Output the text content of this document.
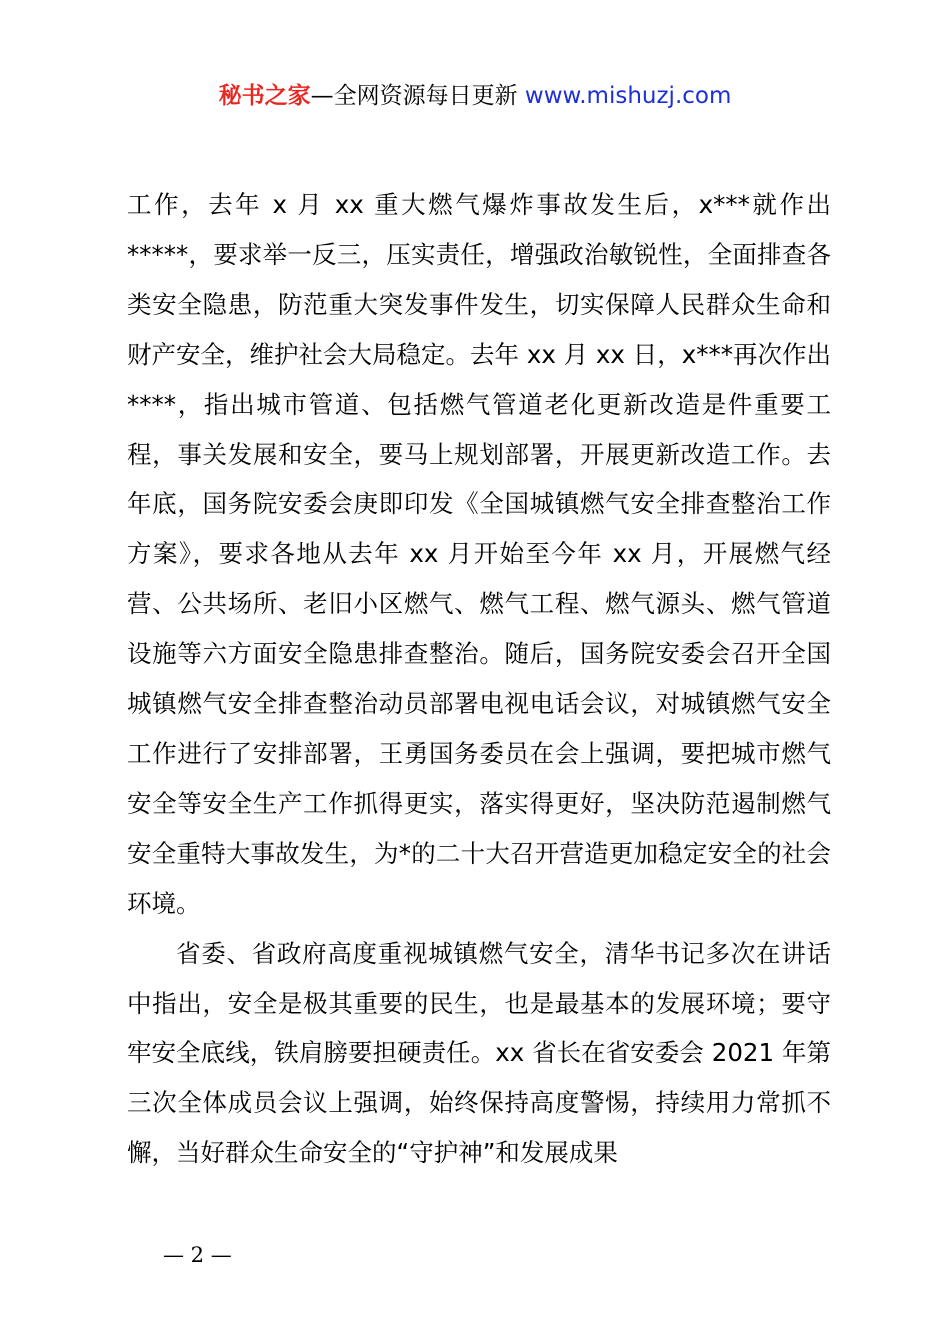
秘书之家—全网资源每日更新 www.mishuzj.com

工作，去年 x 月 xx 重大燃气爆炸事故发生后，x***就作出*****，要求举一反三，压实责任，增强政治敏锐性，全面排查各类安全隐患，防范重大突发事件发生，切实保障人民群众生命和财产安全，维护社会大局稳定。去年 xx 月 xx 日，x***再次作出****，指出城市管道、包括燃气管道老化更新改造是件重要工程，事关发展和安全，要马上规划部署，开展更新改造工作。去年底，国务院安委会庚即印发《全国城镇燃气安全排查整治工作方案》，要求各地从去年 xx 月开始至今年 xx 月，开展燃气经营、公共场所、老旧小区燃气、燃气工程、燃气源头、燃气管道设施等六方面安全隐患排查整治。随后，国务院安委会召开全国城镇燃气安全排查整治动员部署电视电话会议，对城镇燃气安全工作进行了安排部署，王勇国务委员在会上强调，要把城市燃气安全等安全生产工作抓得更实，落实得更好，坚决防范遏制燃气安全重特大事故发生，为*的二十大召开营造更加稳定安全的社会环境。

省委、省政府高度重视城镇燃气安全，清华书记多次在讲话中指出，安全是极其重要的民生，也是最基本的发展环境；要守牢安全底线，铁肩膀要担硬责任。xx 省长在省安委会 2021 年第三次全体成员会议上强调，始终保持高度警惕，持续用力常抓不懈，当好群众生命安全的“守护神”和发展成果

— 2 —
